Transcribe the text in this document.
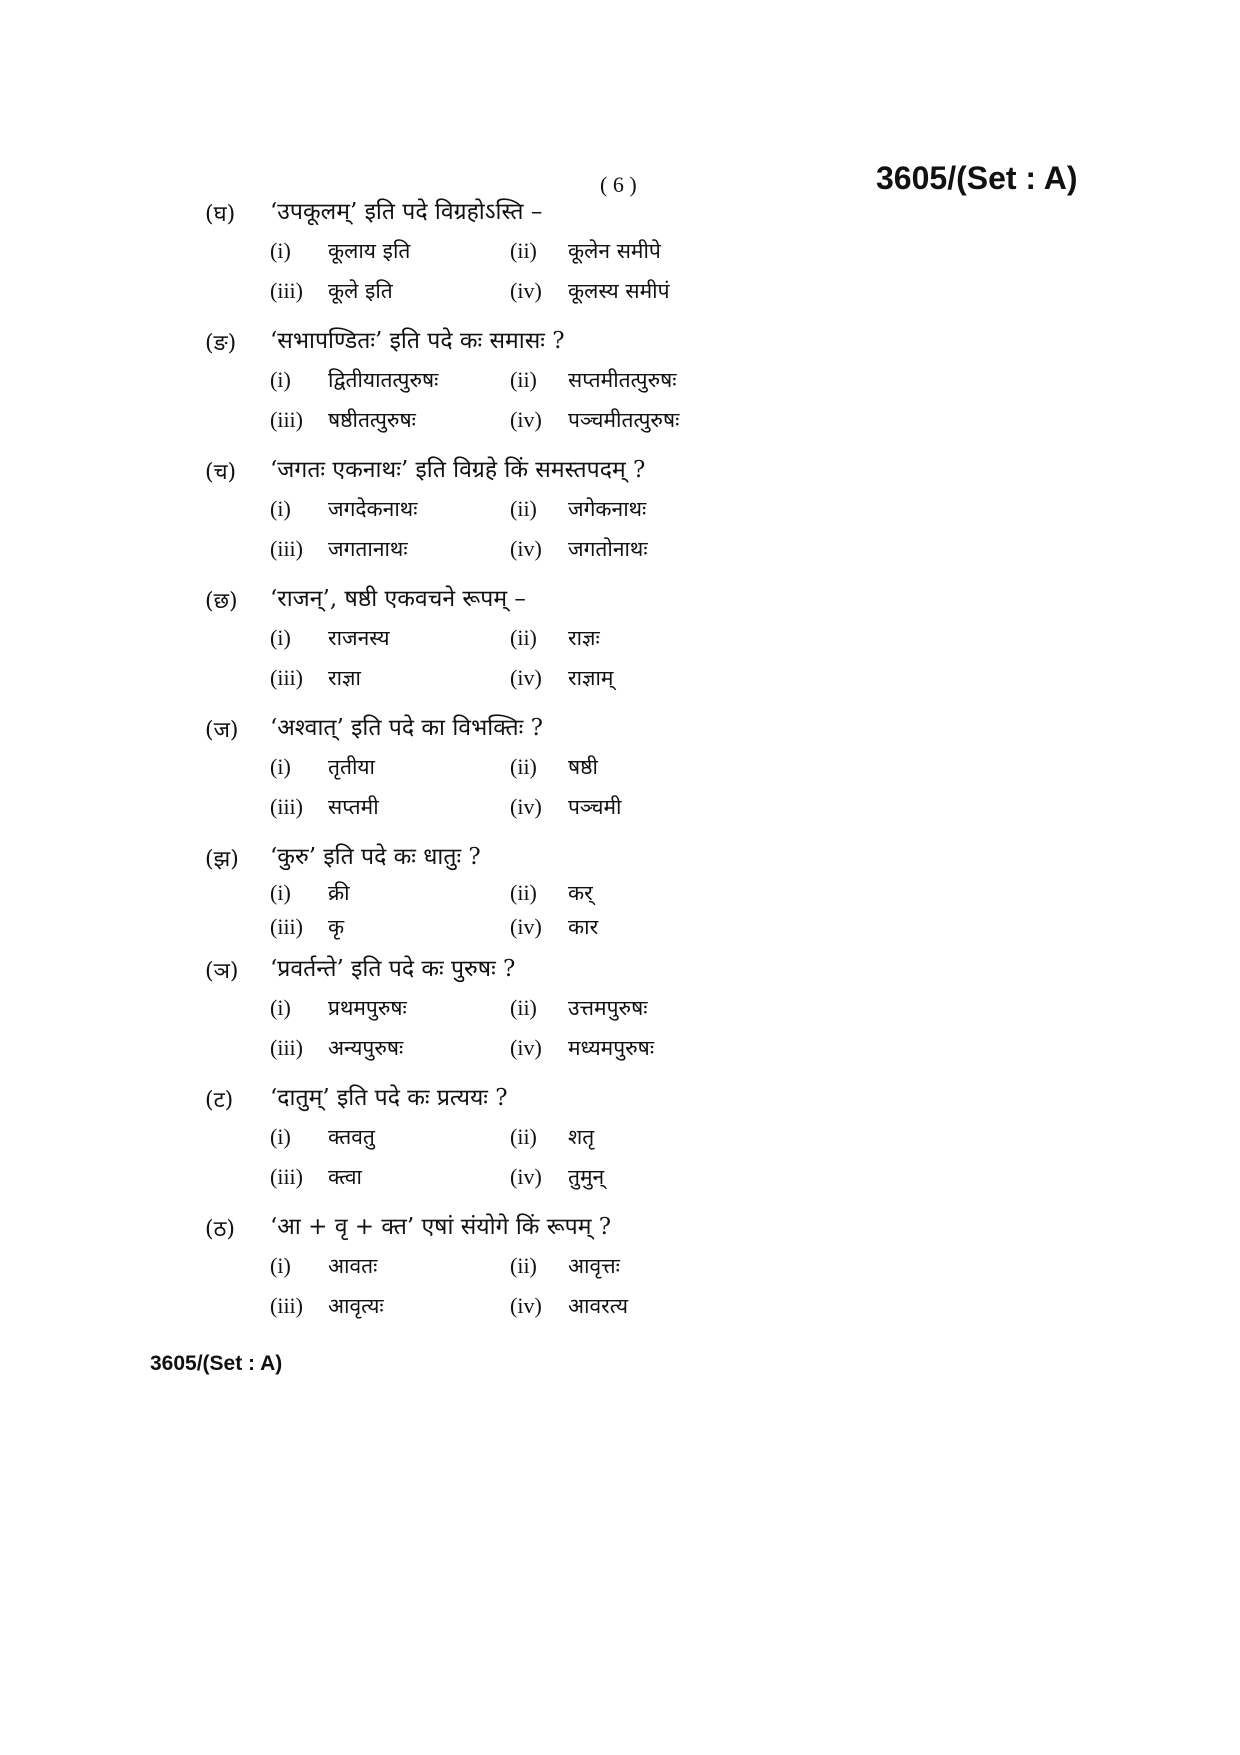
( 6 )	3605/(Set : A)
(घ) ‘उपकूलम्’ इति पदे विग्रहोऽस्ति –
(i)	कूलाय इति	(ii)	कूलेन समीपे
(iii)	कूले इति	(iv)	कूलस्य समीपं
(ङ) ‘सभापण्डितः’ इति पदे कः समासः ?
(i)	द्वितीयातत्पुरुषः	(ii)	सप्तमीतत्पुरुषः
(iii)	षष्ठीतत्पुरुषः	(iv)	पञ्चमीतत्पुरुषः
(च) ‘जगतः एकनाथः’ इति विग्रहे किं समस्तपदम् ?
(i)	जगदेकनाथः	(ii)	जगेकनाथः
(iii)	जगतानाथः	(iv)	जगतोनाथः
(छ) ‘राजन्’, षष्ठी एकवचने रूपम् –
(i)	राजनस्य	(ii)	राज्ञः
(iii)	राज्ञा	(iv)	राज्ञाम्
(ज) ‘अश्वात्’ इति पदे का विभक्तिः ?
(i)	तृतीया	(ii)	षष्ठी
(iii)	सप्तमी	(iv)	पञ्चमी
(झ) ‘कुरु’ इति पदे कः धातुः ?
(i)	क्री	(ii)	कर्
(iii)	कृ	(iv)	कार
(ञ) ‘प्रवर्तन्ते’ इति पदे कः पुरुषः ?
(i)	प्रथमपुरुषः	(ii)	उत्तमपुरुषः
(iii)	अन्यपुरुषः	(iv)	मध्यमपुरुषः
(ट) ‘दातुम्’ इति पदे कः प्रत्ययः ?
(i)	क्तवतु	(ii)	शतृ
(iii)	क्त्वा	(iv)	तुमुन्
(ठ) ‘आ + वृ + क्त’ एषां संयोगे किं रूपम् ?
(i)	आवतः	(ii)	आवृत्तः
(iii)	आवृत्यः	(iv)	आवरत्य
3605/(Set : A)
